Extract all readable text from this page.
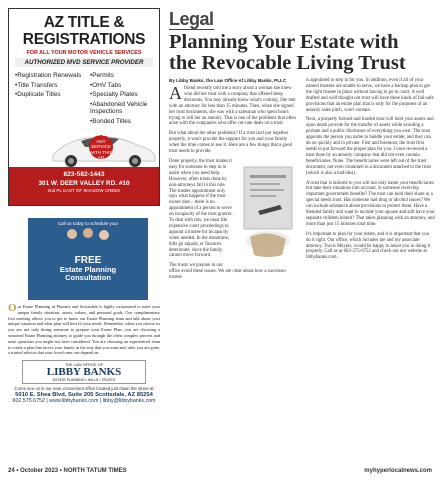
AZ TITLE &
REGISTRATIONS
FOR ALL YOUR MOTOR VEHICLE SERVICES
AUTHORIZED MVD SERVICE PROVIDER
• Registration Renewals
• Title Transfers
• Duplicate Titles
• Permits
• OHV Tabs
• Specialty Plates
• Abandoned Vehicle Inspections
• Bonded Titles
10% OFF
ANY SERVICE WITH THIS AD
623-582-1443
301 W. DEER VALLEY RD. #10
2nd PL EAST OF SHADOW CREEK
Call us today to schedule your
FREE
Estate Planning
Consultation
Our Estate Planning in Phoenix and Scottsdale is highly customized to meet your unique family situation, assets, values, and personal goals. Our complimentary first meeting allows you to get to know our Estate Planning team and talk about your unique situation and what plan will best fit your needs. Remember, when you choose us you are not only hiring someone to prepare your Estate Plan; you are choosing a seasoned Estate Planning attorney to guide you through the often complex process and raise questions you might not have considered. You are choosing an experienced team to create a plan that serves your family in the way that you want and, after you are gone, a trusted advisor that your loved ones can depend on.
THE LAW OFFICE OF
LIBBY BANKS
ESTATE PLANNING • WILLS • TRUSTS
Come see us in our new, convenient office located just down the street at
5010 E. Shea Blvd, Suite 205 Scottsdale, AZ 85254
602.575.6752 | www.libbybanks.com | libby@libbybanks.com
Legal
Planning Your Estate with
the Revocable Living Trust
By Libby Banks, the Law Office of Libby Banks, PLLC

Afriend recently told me a story about a woman she knew who did her trust with a company that offered steep discounts. You may already know what's coming. She met with an attorney for less than 15 minutes. Then, when she signed her trust documents, she was with a salesman who spent hours trying to sell her an annuity. That is one of the problems that often arise with the companies who offer cut-rate deals on a trust.

But what about the other problems? If a trust isn't put together properly, it won't provide the support for you and your family when the time comes to use it. Here are a few things that a good trust needs to provide.

Done properly, the trust makes it easy for someone to step in to assist when you need help. However, often trusts done by non-attorneys fail in this role. The trustee appointment only says what happens if the trust owner dies – there is no appointment of a person to serve on incapacity of the trust grantor. To deal with this, we must file expensive court proceedings to appoint a trustee for incapacity when needed. In the meantime, bills go unpaid, or finances deteriorate, since the family cannot move forward.

The trusts we prepare in our office avoid these issues. We are clear about how a successor trustee

is appointed to step in for you. In addition, even if all of your named trustees are unable to serve, we have a backup plan to get the right trustee in place without having to go to court. A well drafted and well thought out trust will have these kinds of fail-safe provisions that an estate plan that is only for the purposes of an annuity sales pitch, won't contain.

Next, a properly formed and funded trust will hold your assets and upon death provide for the transfer of assets while avoiding a probate and a public disclosure of everything you own. The trust appoints the person you name to handle your estate, and they can do so quickly and in private. First and foremost, the trust first needs to put forward the proper plan for you. I once reviewed a trust done by an annuity company that did not even contain beneficiaries. None. The beneficiaries were left out of the trust document, not even contained in a document attached to the trust (which is also a bad idea).

A trust that is tailored to you will not only name your beneficiaries but take their situations into account. Is someone receiving important government benefits? The trust can hold their share in a special needs trust. Has someone had drug or alcohol issues? We can include substance abuse provisions to protect them. Have a blended family and want to include your spouse and still have your separate children inherit? That takes planning with an attorney, and more than just 15 minutes total time.

It's important to plan for your estate, and it is important that you do it right. Our office, which includes me and my associate attorney, Travis Meyers, would be happy to assist you in doing it properly. Call us at 602-575-6752 and check out our website at libbybanks.com.

24 • October 2023 • NORTH TATUM TIMES	myhyperlocalnews.com
